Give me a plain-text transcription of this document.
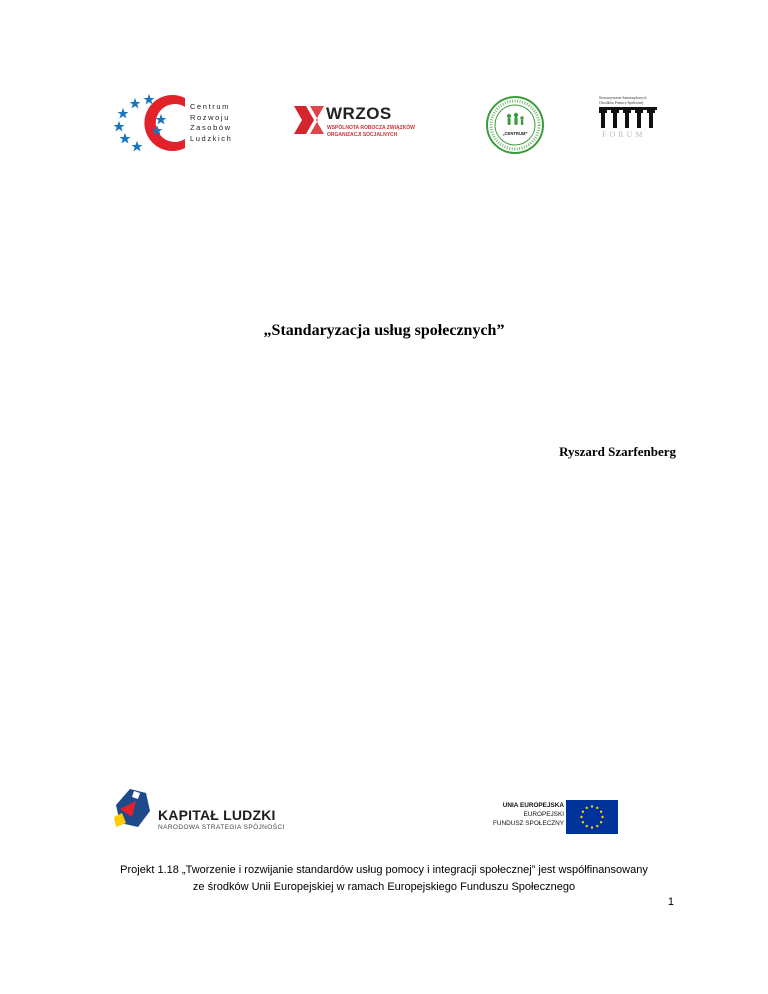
Centrum
Rozwoju
Zasobów
Ludzkich
WRZOS
WSPÓLNOTA ROBOCZA ZWIĄZKÓW
ORGANIZACJI SOCJALNYCH	„CENTRUM”
Stowarzyszenie Samorządowych
Ośrodków Pomocy Społecznej
FORUM
„Standaryzacja usług społecznych”
Ryszard Szarfenberg
KAPITAŁ LUDZKI
NARODOWA STRATEGIA SPÓJNOŚCI
UNIA EUROPEJSKA
EUROPEJSKI
FUNDUSZ SPOŁECZNY
Projekt 1.18 „Tworzenie i rozwijanie standardów usług pomocy i integracji społecznej” jest współfinansowany
ze środków Unii Europejskiej w ramach Europejskiego Funduszu Społecznego
1
